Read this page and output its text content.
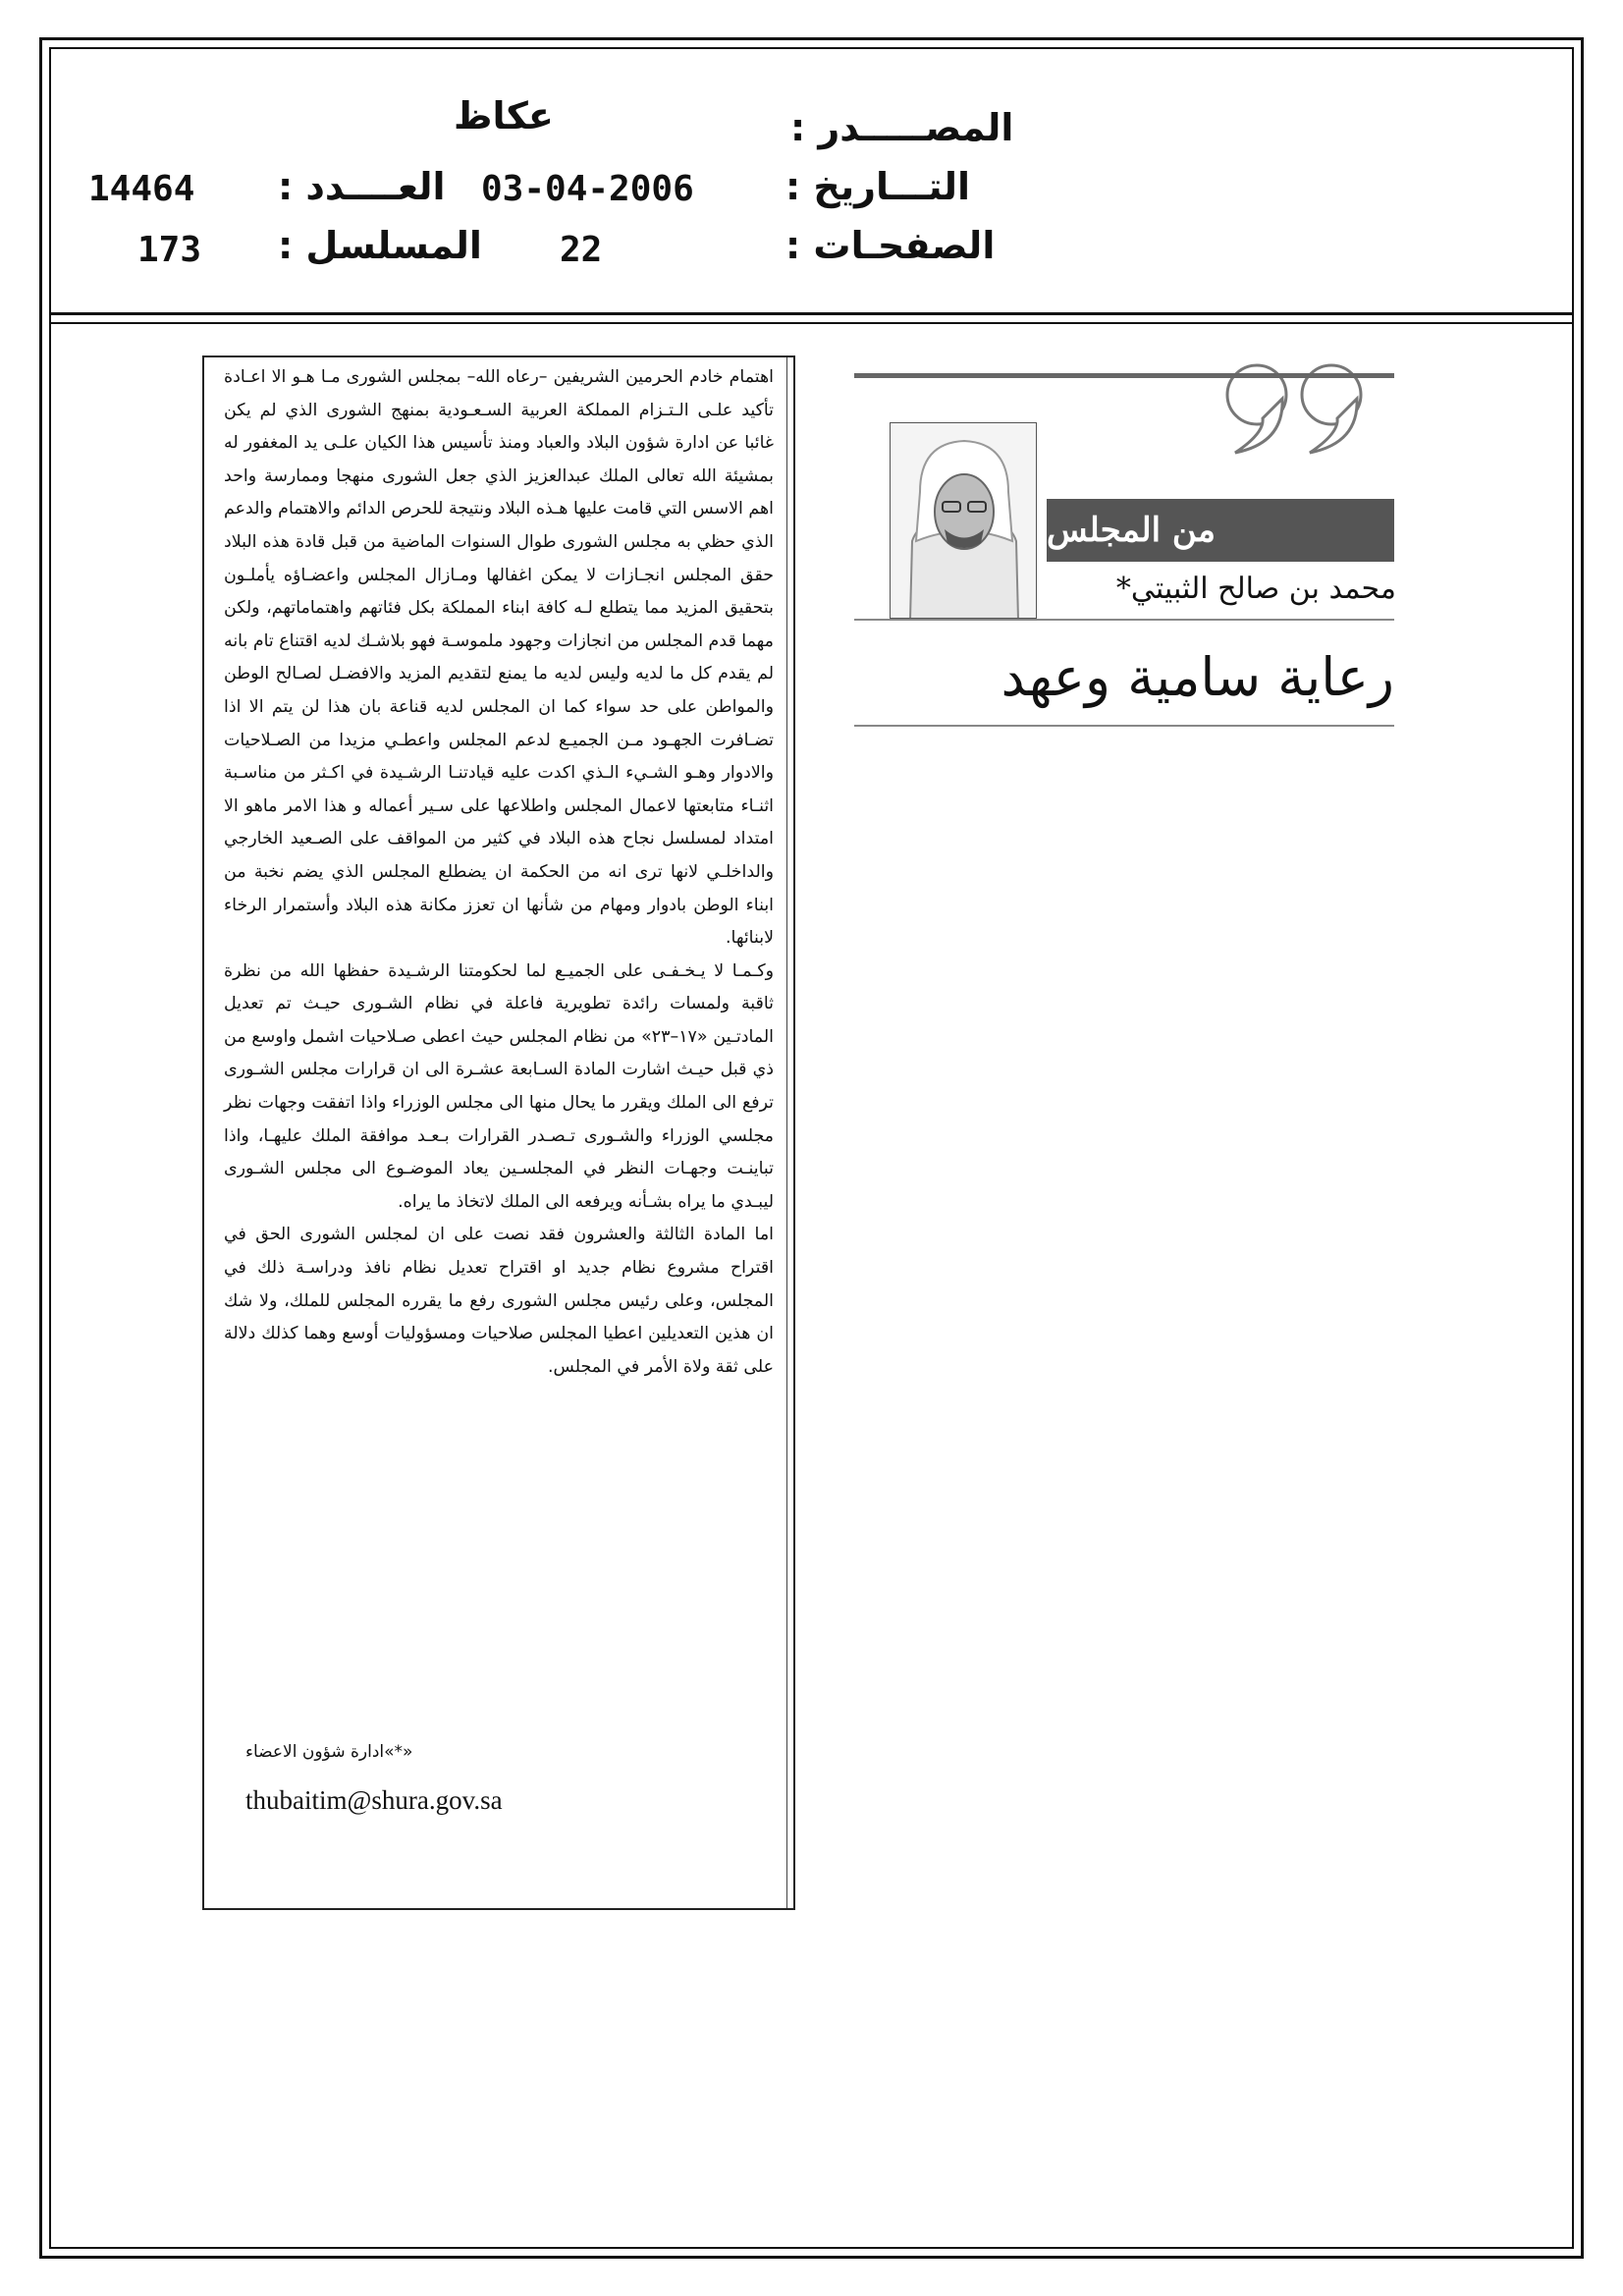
المصـــــدر :
عكاظ
التـــاريخ :
03-04-2006
العــــدد :
14464
الصفحـات :
22
المسلسل :
173
من المجلس
محمد بن صالح الثبيتي*
رعاية سامية وعهد

اهتمام خادم الحرمين الشريفين –رعاه الله– بمجلس الشورى مـا هـو الا اعـادة تأكيد علـى الـتـزام المملكة العربية السـعـودية بمنهج الشورى الذي لم يكن غائبا عن ادارة شؤون البلاد والعباد ومنذ تأسيس هذا الكيان علـى يد المغفور له بمشيئة الله تعالى الملك عبدالعزيز الذي جعل الشورى منهجا وممارسة واحد اهم الاسس التي قامت عليها هـذه البلاد ونتيجة للحرص الدائم والاهتمام والدعم الذي حظي به مجلس الشورى طوال السنوات الماضية من قبل قادة هذه البلاد حقق المجلس انجـازات لا يمكن اغفالها ومـازال المجلس واعضـاؤه يأملـون بتحقيق المزيد مما يتطلع لـه كافة ابناء المملكة بكل فئاتهم واهتماماتهم، ولكن مهما قدم المجلس من انجازات وجهود ملموسـة فهو بلاشـك لديه اقتناع تام بانه لم يقدم كل ما لديه وليس لديه ما يمنع لتقديم المزيد والافضـل لصـالح الوطن والمواطن على حد سواء كما ان المجلس لديه قناعة بان هذا لن يتم الا اذا تضـافرت الجهـود مـن الجميـع لدعم المجلس واعطـي مزيدا من الصـلاحيات والادوار وهـو الشـيء الـذي اكدت عليه قيادتنـا الرشـيدة في اكـثر من مناسـبة اثنـاء متابعتها لاعمال المجلس واطلاعها على سـير أعماله و هذا الامر ماهو الا امتداد لمسلسل نجاح هذه البلاد في كثير من المواقف على الصـعيد الخارجي والداخلـي لانها ترى انه من الحكمة ان يضطلع المجلس الذي يضم نخبة من ابناء الوطن بادوار ومهام من شأنها ان تعزز مكانة هذه البلاد وأستمرار الرخاء لابنائها.

وكـمـا لا يـخـفـى على الجميـع لما لحكومتنا الرشـيدة حفظها الله من نظرة ثاقبة ولمسات رائدة تطويرية فاعلة في نظام الشـورى حيـث تم تعديل المادتـين «١٧–٢٣» من نظام المجلس حيث اعطى صـلاحيات اشمل واوسع من ذي قبل حيـث اشارت المادة السـابعة عشـرة الى ان قرارات مجلس الشـورى ترفع الى الملك ويقرر ما يحال منها الى مجلس الوزراء واذا اتفقت وجهات نظر مجلسي الوزراء والشـورى تـصـدر القرارات بـعـد موافقة الملك عليهـا، واذا تباينـت وجهـات النظر في المجلسـين يعاد الموضـوع الى مجلس الشـورى ليبـدي ما يراه بشـأنه ويرفعه الى الملك لاتخاذ ما يراه.

اما المادة الثالثة والعشرون فقد نصت على ان لمجلس الشورى الحق في اقتراح مشروع نظام جديد او اقتراح تعديل نظام نافذ ودراسـة ذلك في المجلس، وعلى رئيس مجلس الشورى رفع ما يقرره المجلس للملك، ولا شك ان هذين التعديلين اعطيا المجلس صلاحيات ومسؤوليات أوسع وهما كذلك دلالة على ثقة ولاة الأمر في المجلس.

«*»ادارة شؤون الاعضاء
thubaitim@shura.gov.sa
